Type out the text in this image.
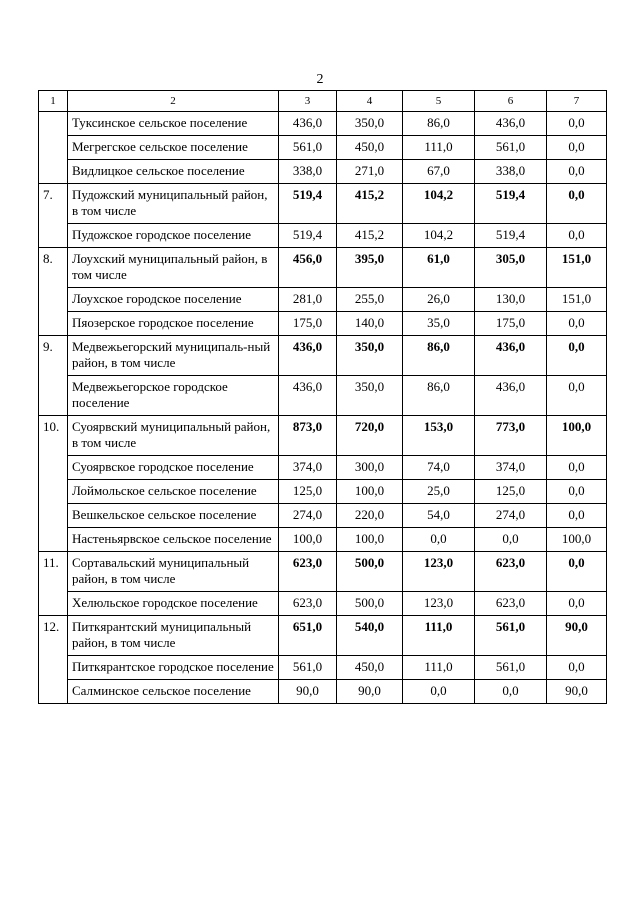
2
1	2	3	4	5	6	7
	Туксинское сельское поселение	436,0	350,0	86,0	436,0	0,0
	Мегрегское сельское поселение	561,0	450,0	111,0	561,0	0,0
	Видлицкое сельское поселение	338,0	271,0	67,0	338,0	0,0
7.	Пудожский муниципальный район, в том числе	519,4	415,2	104,2	519,4	0,0
	Пудожское городское поселение	519,4	415,2	104,2	519,4	0,0
8.	Лоухский муниципальный район, в том числе	456,0	395,0	61,0	305,0	151,0
	Лоухское городское поселение	281,0	255,0	26,0	130,0	151,0
	Пяозерское городское поселение	175,0	140,0	35,0	175,0	0,0
9.	Медвежьегорский муниципаль-ный район, в том числе	436,0	350,0	86,0	436,0	0,0
	Медвежьегорское городское поселение	436,0	350,0	86,0	436,0	0,0
10.	Суоярвский муниципальный район, в том числе	873,0	720,0	153,0	773,0	100,0
	Суоярвское городское поселение	374,0	300,0	74,0	374,0	0,0
	Лоймольское сельское поселение	125,0	100,0	25,0	125,0	0,0
	Вешкельское сельское поселение	274,0	220,0	54,0	274,0	0,0
	Настеньярвское сельское поселение	100,0	100,0	0,0	0,0	100,0
11.	Сортавальский муниципальный район, в том числе	623,0	500,0	123,0	623,0	0,0
	Хелюльское городское поселение	623,0	500,0	123,0	623,0	0,0
12.	Питкярантский муниципальный район, в том числе	651,0	540,0	111,0	561,0	90,0
	Питкярантское городское поселение	561,0	450,0	111,0	561,0	0,0
	Салминское сельское поселение	90,0	90,0	0,0	0,0	90,0
